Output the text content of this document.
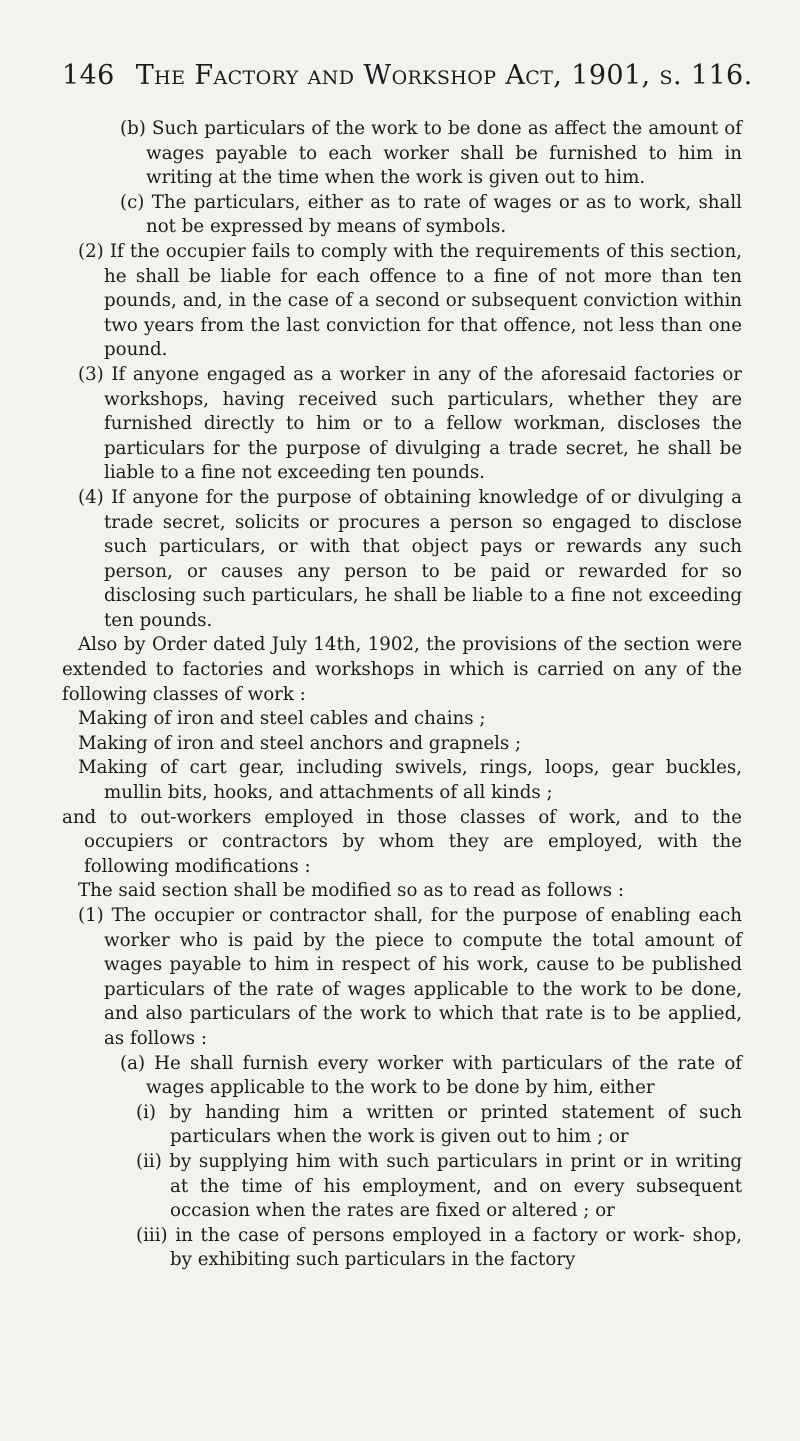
146 The Factory and Workshop Act, 1901, s. 116.

(b) Such particulars of the work to be done as affect the amount of wages payable to each worker shall be furnished to him in writing at the time when the work is given out to him.

(c) The particulars, either as to rate of wages or as to work, shall not be expressed by means of symbols.

(2) If the occupier fails to comply with the requirements of this section, he shall be liable for each offence to a fine of not more than ten pounds, and, in the case of a second or subsequent conviction within two years from the last conviction for that offence, not less than one pound.

(3) If anyone engaged as a worker in any of the aforesaid factories or workshops, having received such particulars, whether they are furnished directly to him or to a fellow workman, discloses the particulars for the purpose of divulging a trade secret, he shall be liable to a fine not exceeding ten pounds.

(4) If anyone for the purpose of obtaining knowledge of or divulging a trade secret, solicits or procures a person so engaged to disclose such particulars, or with that object pays or rewards any such person, or causes any person to be paid or rewarded for so disclosing such particulars, he shall be liable to a fine not exceeding ten pounds.

Also by Order dated July 14th, 1902, the provisions of the section were extended to factories and workshops in which is carried on any of the following classes of work :

Making of iron and steel cables and chains ;

Making of iron and steel anchors and grapnels ;

Making of cart gear, including swivels, rings, loops, gear buckles, mullin bits, hooks, and attachments of all kinds ;

and to out-workers employed in those classes of work, and to the occupiers or contractors by whom they are employed, with the following modifications :

The said section shall be modified so as to read as follows :

(1) The occupier or contractor shall, for the purpose of enabling each worker who is paid by the piece to compute the total amount of wages payable to him in respect of his work, cause to be published particulars of the rate of wages applicable to the work to be done, and also particulars of the work to which that rate is to be applied, as follows :

(a) He shall furnish every worker with particulars of the rate of wages applicable to the work to be done by him, either

(i) by handing him a written or printed statement of such particulars when the work is given out to him ; or

(ii) by supplying him with such particulars in print or in writing at the time of his employment, and on every subsequent occasion when the rates are fixed or altered ; or

(iii) in the case of persons employed in a factory or work- shop, by exhibiting such particulars in the factory
